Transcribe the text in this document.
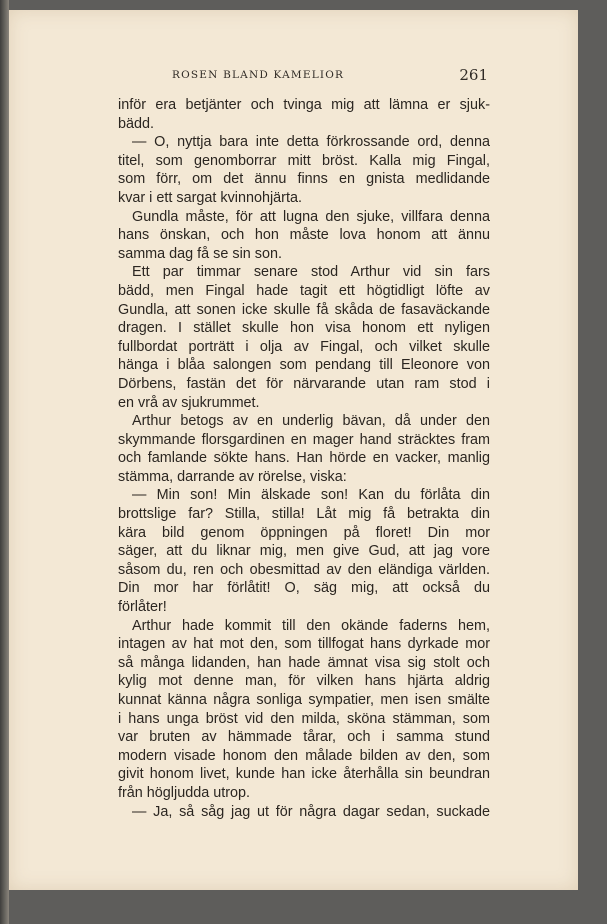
ROSEN BLAND KAMELIOR	261
inför era betjänter och tvinga mig att lämna er sjuk-
bädd.
— O, nyttja bara inte detta förkrossande ord, denna
titel, som genomborrar mitt bröst. Kalla mig Fingal,
som förr, om det ännu finns en gnista medlidande
kvar i ett sargat kvinnohjärta.
Gundla måste, för att lugna den sjuke, villfara denna
hans önskan, och hon måste lova honom att ännu
samma dag få se sin son.
Ett par timmar senare stod Arthur vid sin fars
bädd, men Fingal hade tagit ett högtidligt löfte av
Gundla, att sonen icke skulle få skåda de fasaväckande
dragen. I stället skulle hon visa honom ett nyligen
fullbordat porträtt i olja av Fingal, och vilket skulle
hänga i blåa salongen som pendang till Eleonore von
Dörbens, fastän det för närvarande utan ram stod i
en vrå av sjukrummet.
Arthur betogs av en underlig bävan, då under den
skymmande florsgardinen en mager hand sträcktes fram
och famlande sökte hans. Han hörde en vacker, manlig
stämma, darrande av rörelse, viska:
— Min son! Min älskade son! Kan du förlåta din
brottslige far? Stilla, stilla! Låt mig få betrakta din
kära bild genom öppningen på floret! Din mor
säger, att du liknar mig, men give Gud, att jag vore
såsom du, ren och obesmittad av den eländiga världen.
Din mor har förlåtit! O, säg mig, att också du
förlåter!
Arthur hade kommit till den okände faderns hem,
intagen av hat mot den, som tillfogat hans dyrkade mor
så många lidanden, han hade ämnat visa sig stolt och
kylig mot denne man, för vilken hans hjärta aldrig
kunnat känna några sonliga sympatier, men isen smälte
i hans unga bröst vid den milda, sköna stämman, som
var bruten av hämmade tårar, och i samma stund
modern visade honom den målade bilden av den, som
givit honom livet, kunde han icke återhålla sin beundran
från högljudda utrop.
— Ja, så såg jag ut för några dagar sedan, suckade
